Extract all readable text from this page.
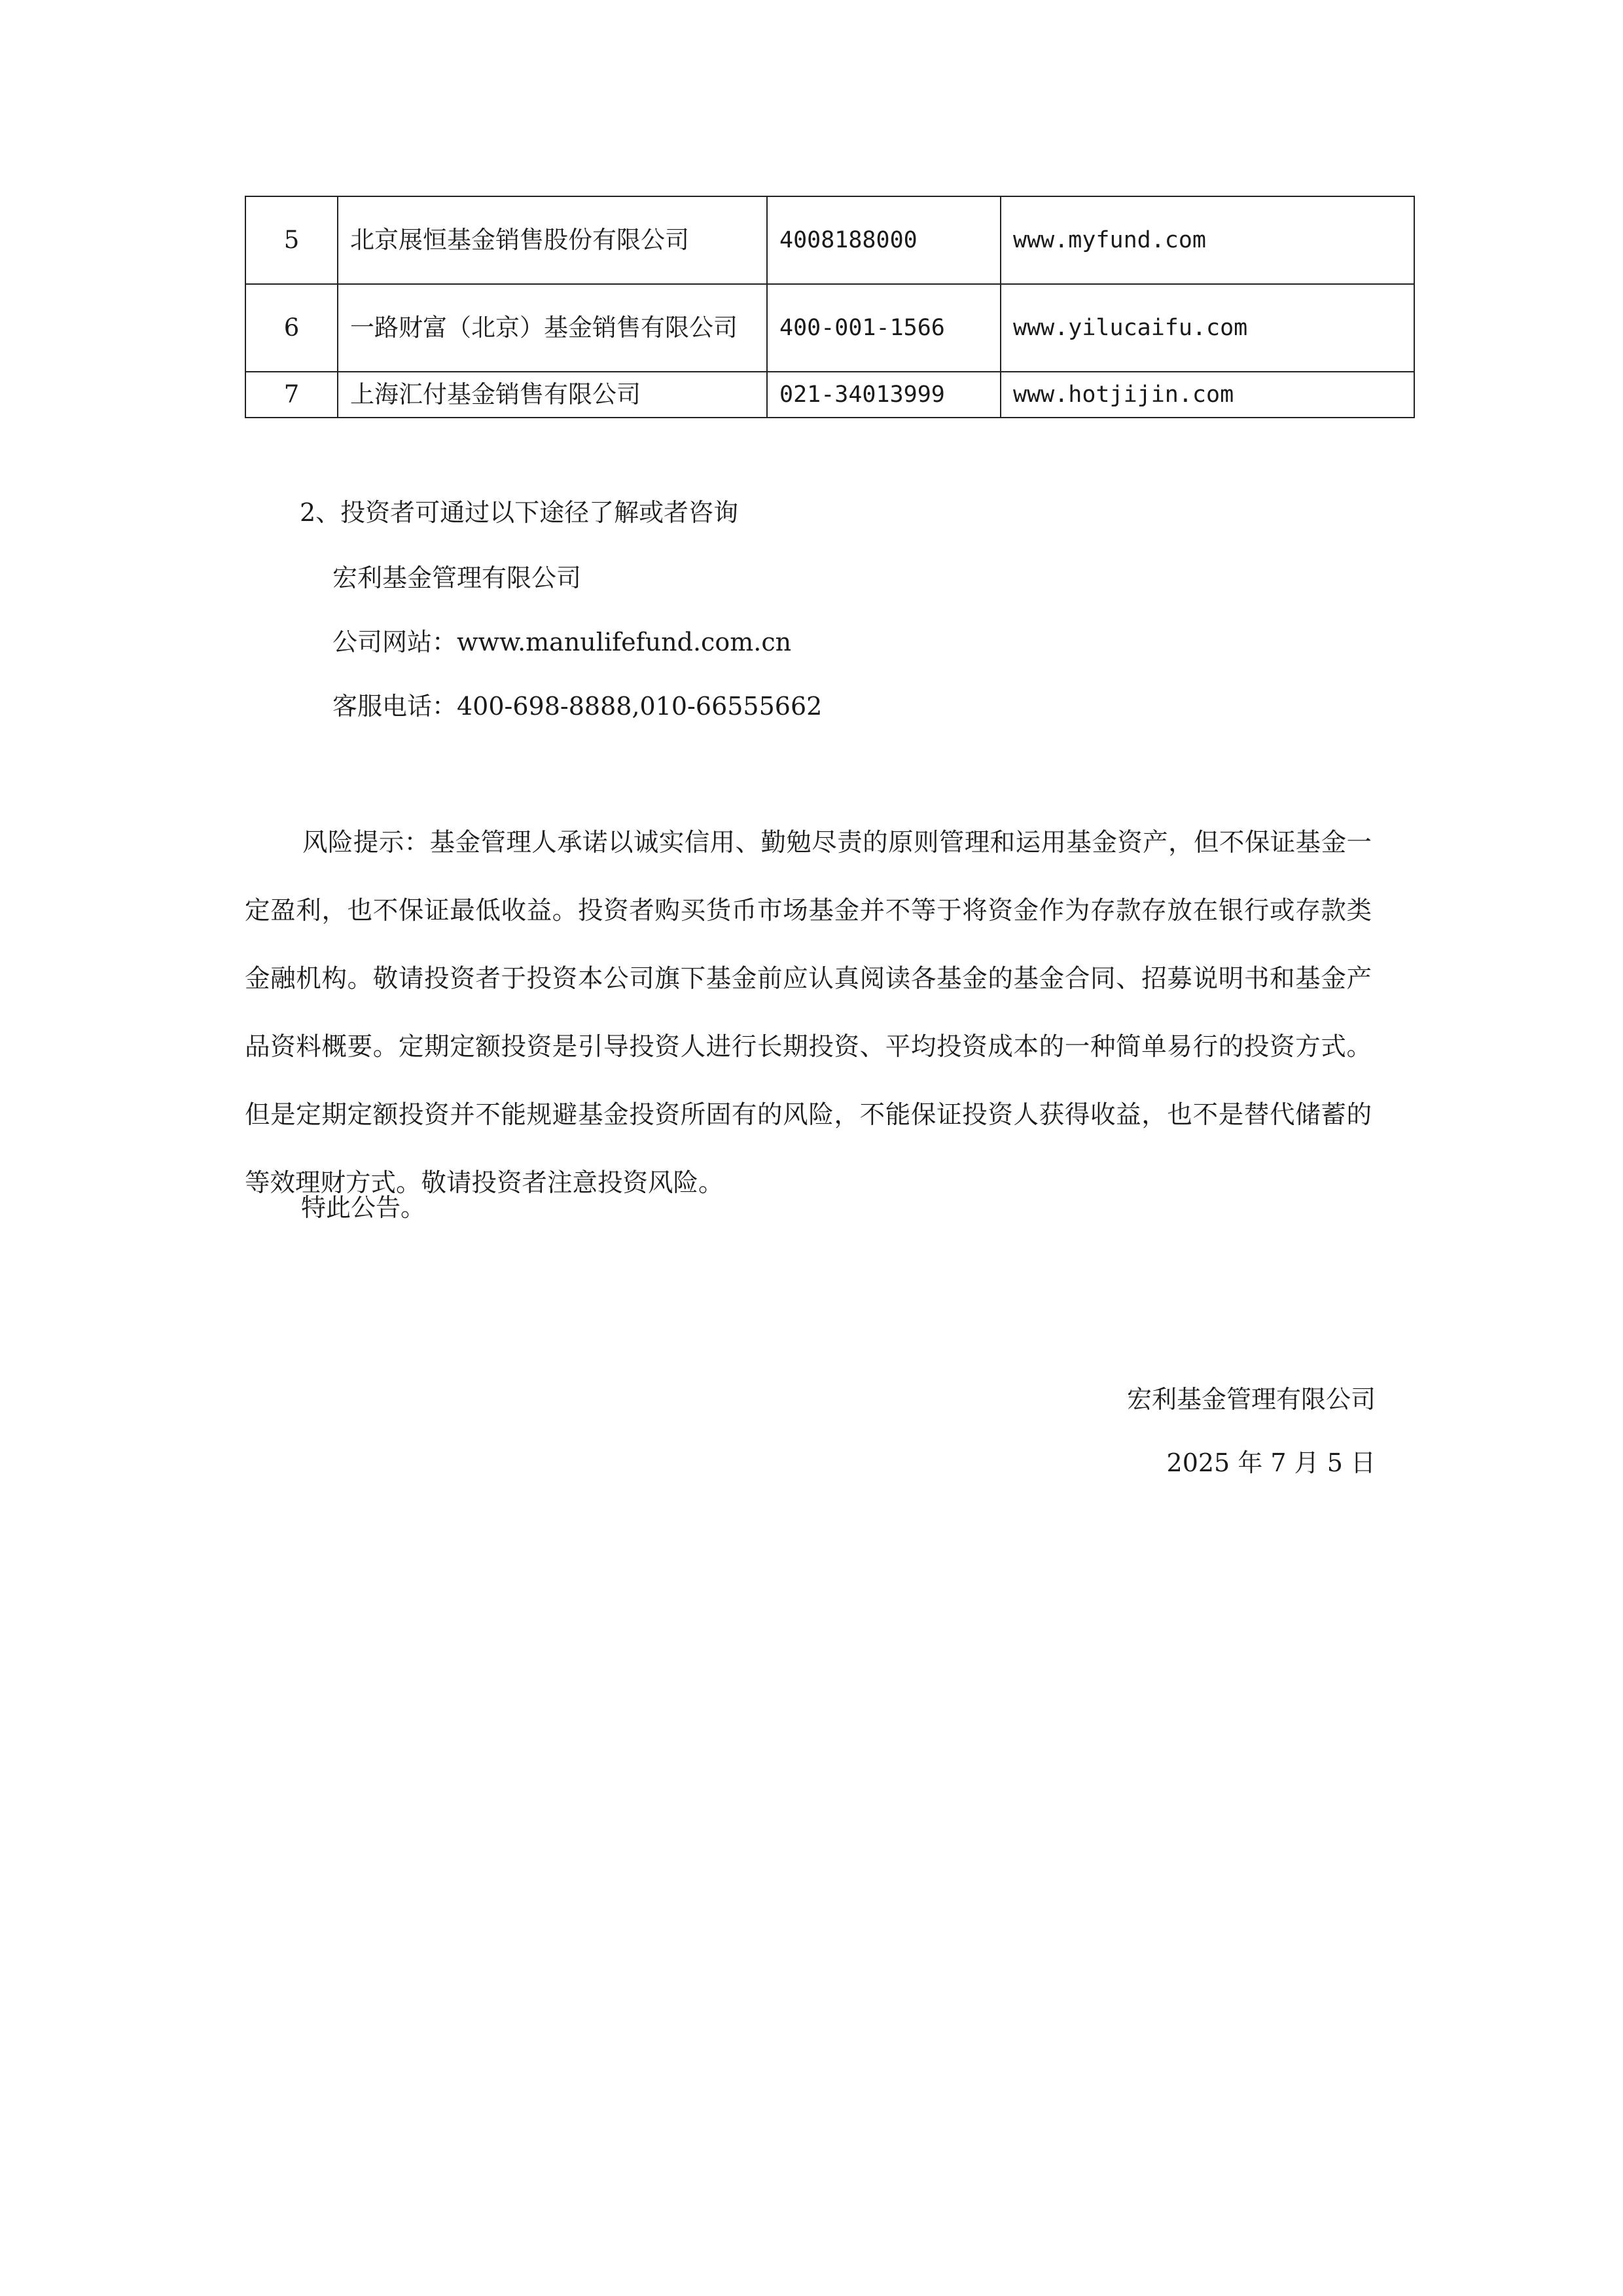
5	北京展恒基金销售股份有限公司	4008188000	www.myfund.com
6	一路财富（北京）基金销售有限公司	400-001-1566	www.yilucaifu.com
7	上海汇付基金销售有限公司	021-34013999	www.hotjijin.com
2、投资者可通过以下途径了解或者咨询
宏利基金管理有限公司
公司网站：www.manulifefund.com.cn
客服电话：400-698-8888,010-66555662

风险提示：基金管理人承诺以诚实信用、勤勉尽责的原则管理和运用基金资产，但不保证基金一定盈利，也不保证最低收益。投资者购买货币市场基金并不等于将资金作为存款存放在银行或存款类金融机构。敬请投资者于投资本公司旗下基金前应认真阅读各基金的基金合同、招募说明书和基金产品资料概要。定期定额投资是引导投资人进行长期投资、平均投资成本的一种简单易行的投资方式。但是定期定额投资并不能规避基金投资所固有的风险，不能保证投资人获得收益，也不是替代储蓄的等效理财方式。敬请投资者注意投资风险。

特此公告。
宏利基金管理有限公司
2025 年 7 月 5 日
